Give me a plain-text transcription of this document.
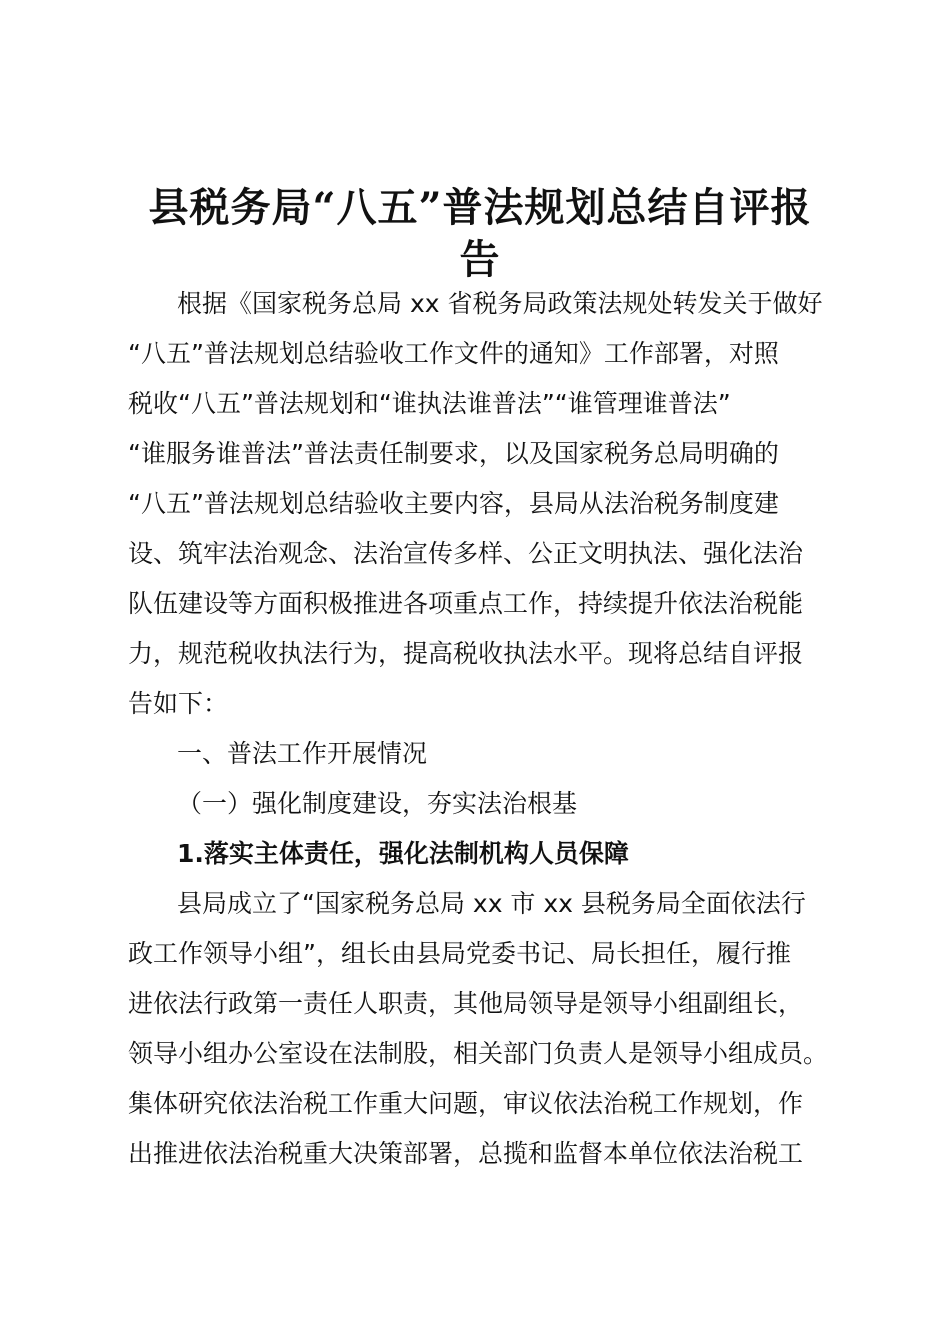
县税务局“八五”普法规划总结自评报
告
根据《国家税务总局 xx 省税务局政策法规处转发关于做好
“八五”普法规划总结验收工作文件的通知》工作部署，对照
税收“八五”普法规划和“谁执法谁普法”“谁管理谁普法”
“谁服务谁普法”普法责任制要求，以及国家税务总局明确的
“八五”普法规划总结验收主要内容，县局从法治税务制度建
设、筑牢法治观念、法治宣传多样、公正文明执法、强化法治
队伍建设等方面积极推进各项重点工作，持续提升依法治税能
力，规范税收执法行为，提高税收执法水平。现将总结自评报
告如下：
一、普法工作开展情况
（一）强化制度建设，夯实法治根基
1.落实主体责任，强化法制机构人员保障
县局成立了“国家税务总局 xx 市 xx 县税务局全面依法行
政工作领导小组”，组长由县局党委书记、局长担任，履行推
进依法行政第一责任人职责，其他局领导是领导小组副组长，
领导小组办公室设在法制股，相关部门负责人是领导小组成员。
集体研究依法治税工作重大问题，审议依法治税工作规划，作
出推进依法治税重大决策部署，总揽和监督本单位依法治税工
